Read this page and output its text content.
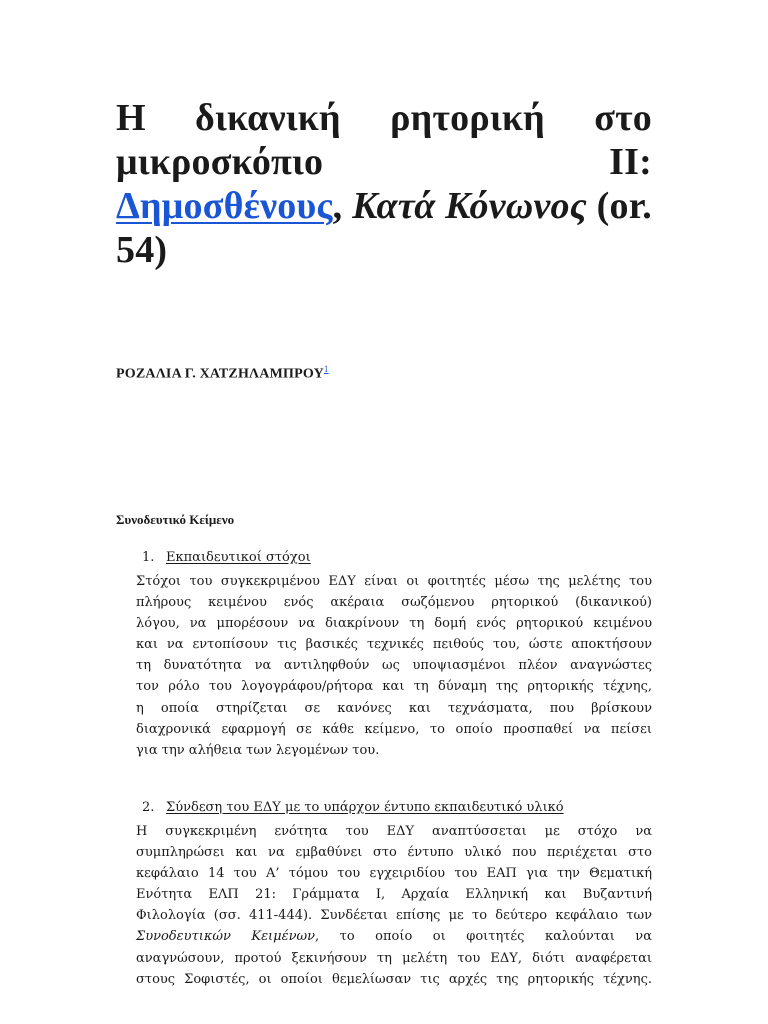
Η δικανική ρητορική στο
μικροσκόπιο	ΙΙ:
Δημοσθένους, Κατά Κόνωνος (or.
54)
ΡΟΖΑΛΙΑ Γ. ΧΑΤΖΗΛΑΜΠΡΟΥ$^1$
Συνοδευτικό Κείμενο
1. Εκπαιδευτικοί στόχοι
Στόχοι του συγκεκριμένου ΕΔΥ είναι οι φοιτητές μέσω της μελέτης του
πλήρους κειμένου ενός ακέραια σωζόμενου ρητορικού (δικανικού)
λόγου, να μπορέσουν να διακρίνουν τη δομή ενός ρητορικού κειμένου
και να εντοπίσουν τις βασικές τεχνικές πειθούς του, ώστε αποκτήσουν
τη δυνατότητα να αντιληφθούν ως υποψιασμένοι πλέον αναγνώστες
τον ρόλο του λογογράφου/ρήτορα και τη δύναμη της ρητορικής τέχνης,
η οποία στηρίζεται σε κανόνες και τεχνάσματα, που βρίσκουν
διαχρονικά εφαρμογή σε κάθε κείμενο, το οποίο προσπαθεί να πείσει
για την αλήθεια των λεγομένων του.
2. Σύνδεση του ΕΔΥ με το υπάρχον έντυπο εκπαιδευτικό υλικό
Η συγκεκριμένη ενότητα του ΕΔΥ αναπτύσσεται με στόχο να
συμπληρώσει και να εμβαθύνει στο έντυπο υλικό που περιέχεται στο
κεφάλαιο 14 του Α’ τόμου του εγχειριδίου του ΕΑΠ για την Θεματική
Ενότητα ΕΛΠ 21: Γράμματα Ι, Αρχαία Ελληνική και Βυζαντινή
Φιλολογία (σσ. 411-444). Συνδέεται επίσης με το δεύτερο κεφάλαιο των
Συνοδευτικών Κειμένων, το οποίο οι φοιτητές καλούνται να
αναγνώσουν, προτού ξεκινήσουν τη μελέτη του ΕΔΥ, διότι αναφέρεται
στους Σοφιστές, οι οποίοι θεμελίωσαν τις αρχές της ρητορικής τέχνης.
